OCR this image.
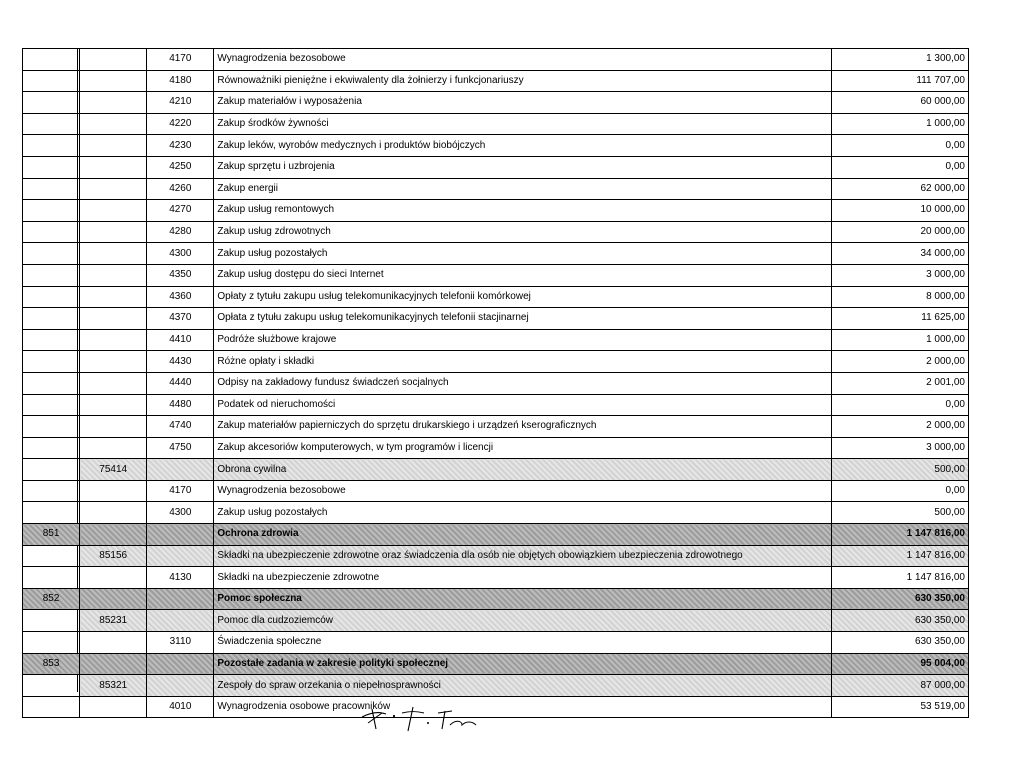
		4170	Wynagrodzenia bezosobowe	1 300,00
		4180	Równoważniki pieniężne i ekwiwalenty dla żołnierzy i funkcjonariuszy	111 707,00
		4210	Zakup materiałów i wyposażenia	60 000,00
		4220	Zakup środków żywności	1 000,00
		4230	Zakup leków, wyrobów medycznych i produktów biobójczych	0,00
		4250	Zakup sprzętu i uzbrojenia	0,00
		4260	Zakup energii	62 000,00
		4270	Zakup usług remontowych	10 000,00
		4280	Zakup usług zdrowotnych	20 000,00
		4300	Zakup usług pozostałych	34 000,00
		4350	Zakup usług dostępu do sieci Internet	3 000,00
		4360	Opłaty z tytułu zakupu usług telekomunikacyjnych telefonii komórkowej	8 000,00
		4370	Opłata z tytułu zakupu usług telekomunikacyjnych telefonii stacjinarnej	11 625,00
		4410	Podróże służbowe krajowe	1 000,00
		4430	Różne opłaty i składki	2 000,00
		4440	Odpisy na zakładowy fundusz świadczeń socjalnych	2 001,00
		4480	Podatek od nieruchomości	0,00
		4740	Zakup materiałów papierniczych do sprzętu drukarskiego i urządzeń kserograficznych	2 000,00
		4750	Zakup akcesoriów komputerowych, w tym programów i licencji	3 000,00
	75414		Obrona cywilna	500,00
		4170	Wynagrodzenia bezosobowe	0,00
		4300	Zakup usług pozostałych	500,00
851			Ochrona zdrowia	1 147 816,00
	85156		Składki na ubezpieczenie zdrowotne oraz świadczenia dla osób nie objętych obowiązkiem ubezpieczenia zdrowotnego	1 147 816,00
		4130	Składki na ubezpieczenie zdrowotne	1 147 816,00
852			Pomoc społeczna	630 350,00
	85231		Pomoc dla cudzoziemców	630 350,00
		3110	Świadczenia społeczne	630 350,00
853			Pozostałe zadania w zakresie polityki społecznej	95 004,00
	85321		Zespoły do spraw orzekania o niepełnosprawności	87 000,00
		4010	Wynagrodzenia osobowe pracowników	53 519,00
